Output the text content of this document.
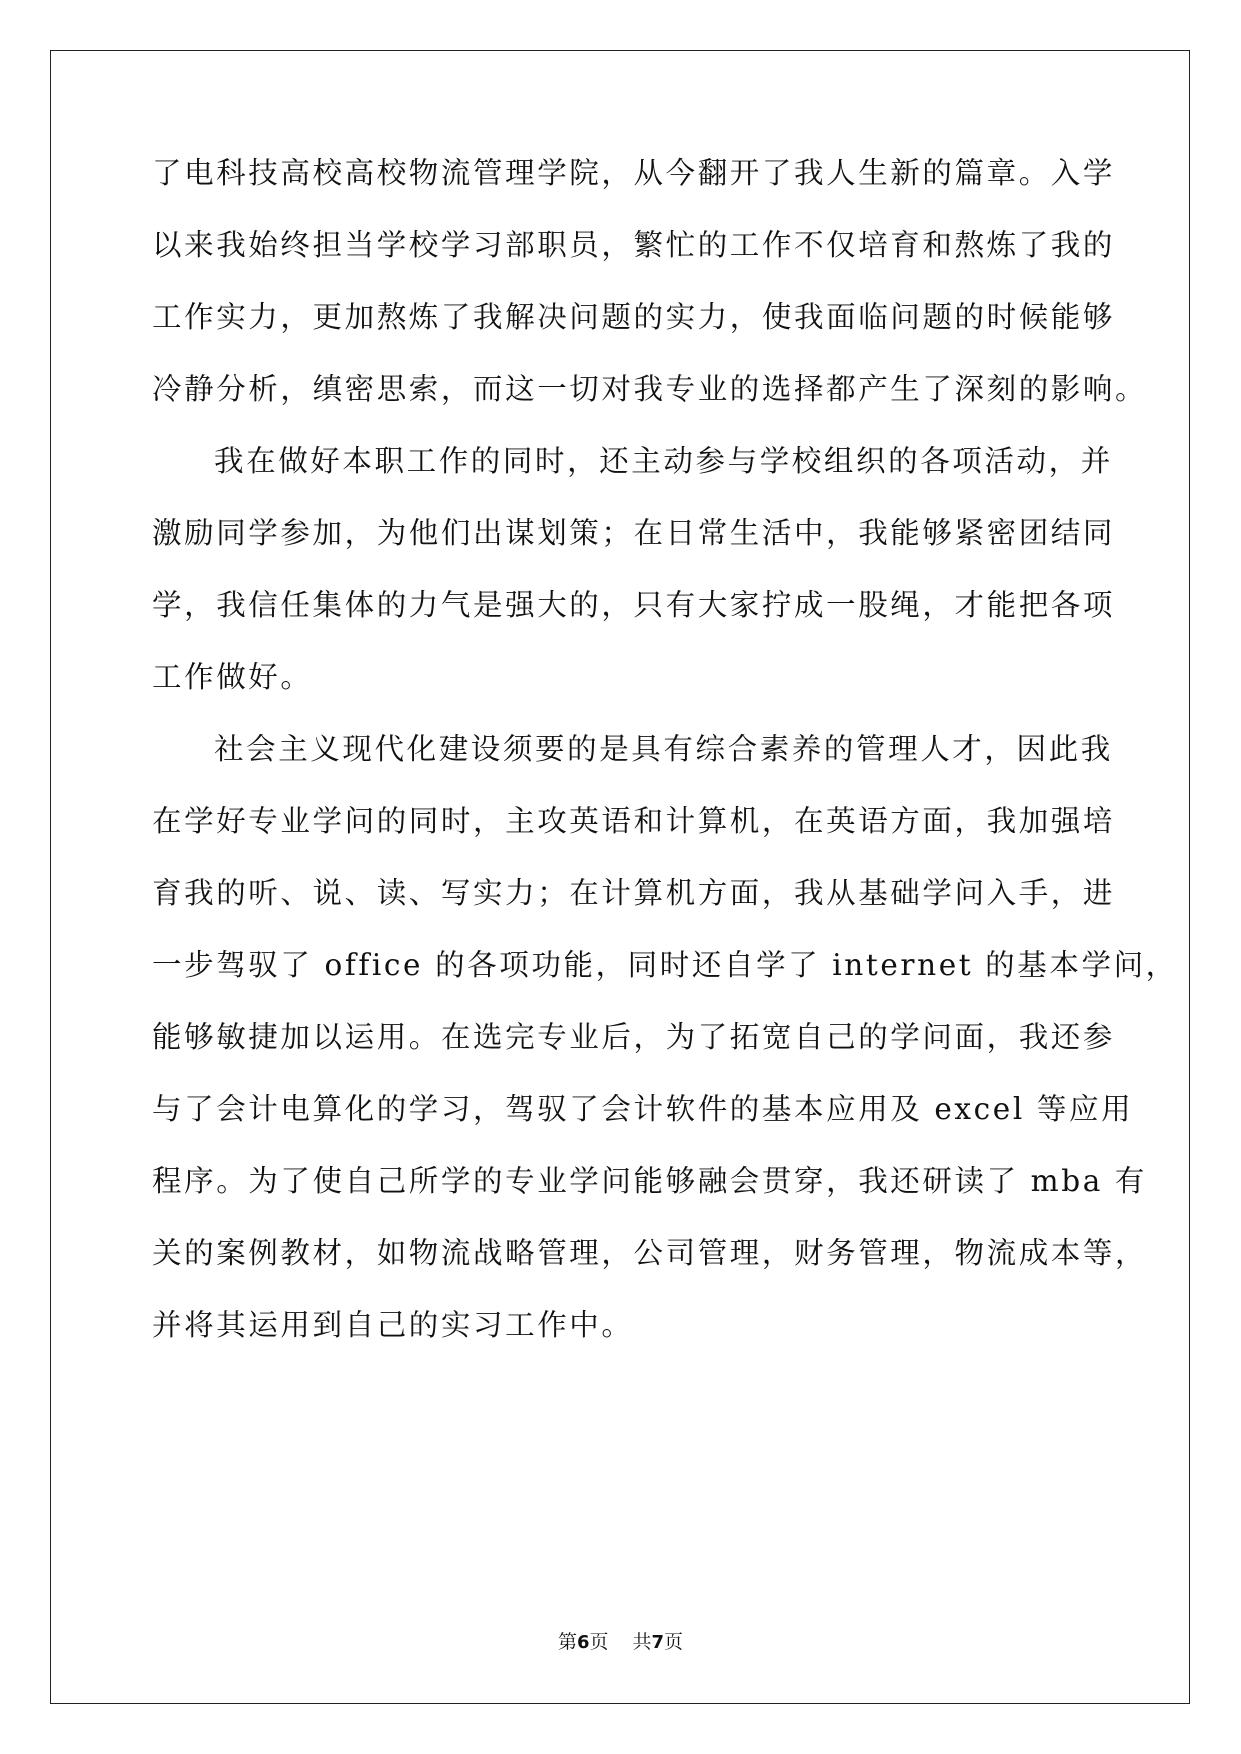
了电科技高校高校物流管理学院，从今翻开了我人生新的篇章。入学
以来我始终担当学校学习部职员，繁忙的工作不仅培育和熬炼了我的
工作实力，更加熬炼了我解决问题的实力，使我面临问题的时候能够
冷静分析，缜密思索，而这一切对我专业的选择都产生了深刻的影响。
我在做好本职工作的同时，还主动参与学校组织的各项活动，并
激励同学参加，为他们出谋划策；在日常生活中，我能够紧密团结同
学，我信任集体的力气是强大的，只有大家拧成一股绳，才能把各项
工作做好。
社会主义现代化建设须要的是具有综合素养的管理人才，因此我
在学好专业学问的同时，主攻英语和计算机，在英语方面，我加强培
育我的听、说、读、写实力；在计算机方面，我从基础学问入手，进
一步驾驭了 office 的各项功能，同时还自学了 internet 的基本学问，
能够敏捷加以运用。在选完专业后，为了拓宽自己的学问面，我还参
与了会计电算化的学习，驾驭了会计软件的基本应用及 excel 等应用
程序。为了使自己所学的专业学问能够融会贯穿，我还研读了 mba 有
关的案例教材，如物流战略管理，公司管理，财务管理，物流成本等，
并将其运用到自己的实习工作中。
第6页 共7页
